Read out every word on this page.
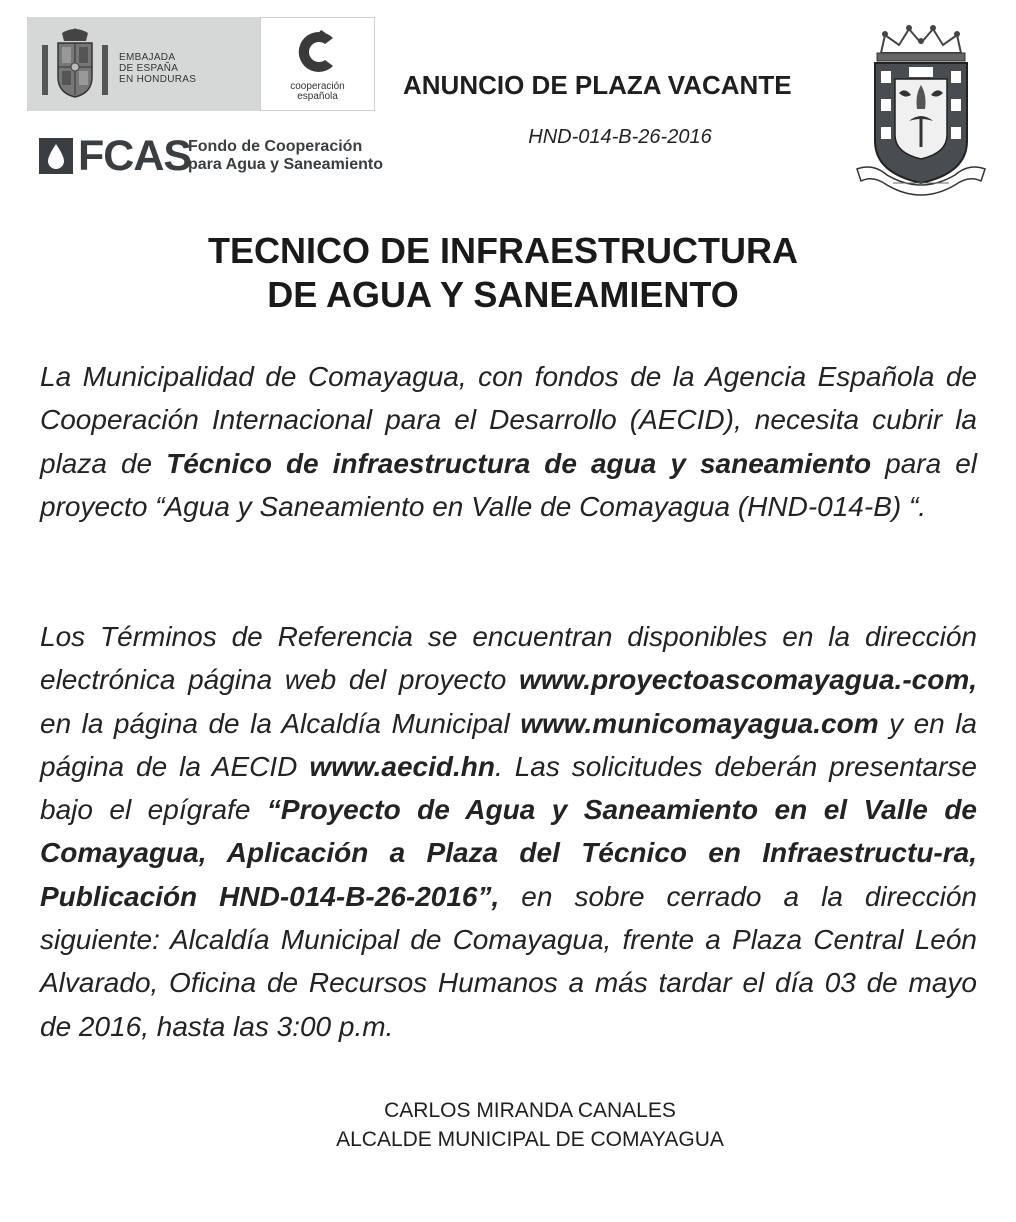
EMBAJADA
DE ESPAÑA
EN HONDURAS
cooperación
española
FCAS
Fondo de Cooperación
para Agua y Saneamiento
ANUNCIO DE PLAZA VACANTE
HND-014-B-26-2016
TECNICO DE INFRAESTRUCTURA
DE AGUA Y SANEAMIENTO
La Municipalidad de Comayagua, con fondos de la Agencia Española de Cooperación Internacional para el Desarrollo (AECID), necesita cubrir la plaza de Técnico de infraestructura de agua y saneamiento para el proyecto “Agua y Saneamiento en Valle de Comayagua (HND-014-B) “.
Los Términos de Referencia se encuentran disponibles en la dirección electrónica página web del proyecto www.proyectoascomayagua.-com, en la página de la Alcaldía Municipal www.municomayagua.com y en la página de la AECID www.aecid.hn. Las solicitudes deberán presentarse bajo el epígrafe “Proyecto de Agua y Saneamiento en el Valle de Comayagua, Aplicación a Plaza del Técnico en Infraestructu-ra, Publicación HND-014-B-26-2016”, en sobre cerrado a la dirección siguiente: Alcaldía Municipal de Comayagua, frente a Plaza Central León Alvarado, Oficina de Recursos Humanos a más tardar el día 03 de mayo de 2016, hasta las 3:00 p.m.
CARLOS MIRANDA CANALES
ALCALDE MUNICIPAL DE COMAYAGUA
